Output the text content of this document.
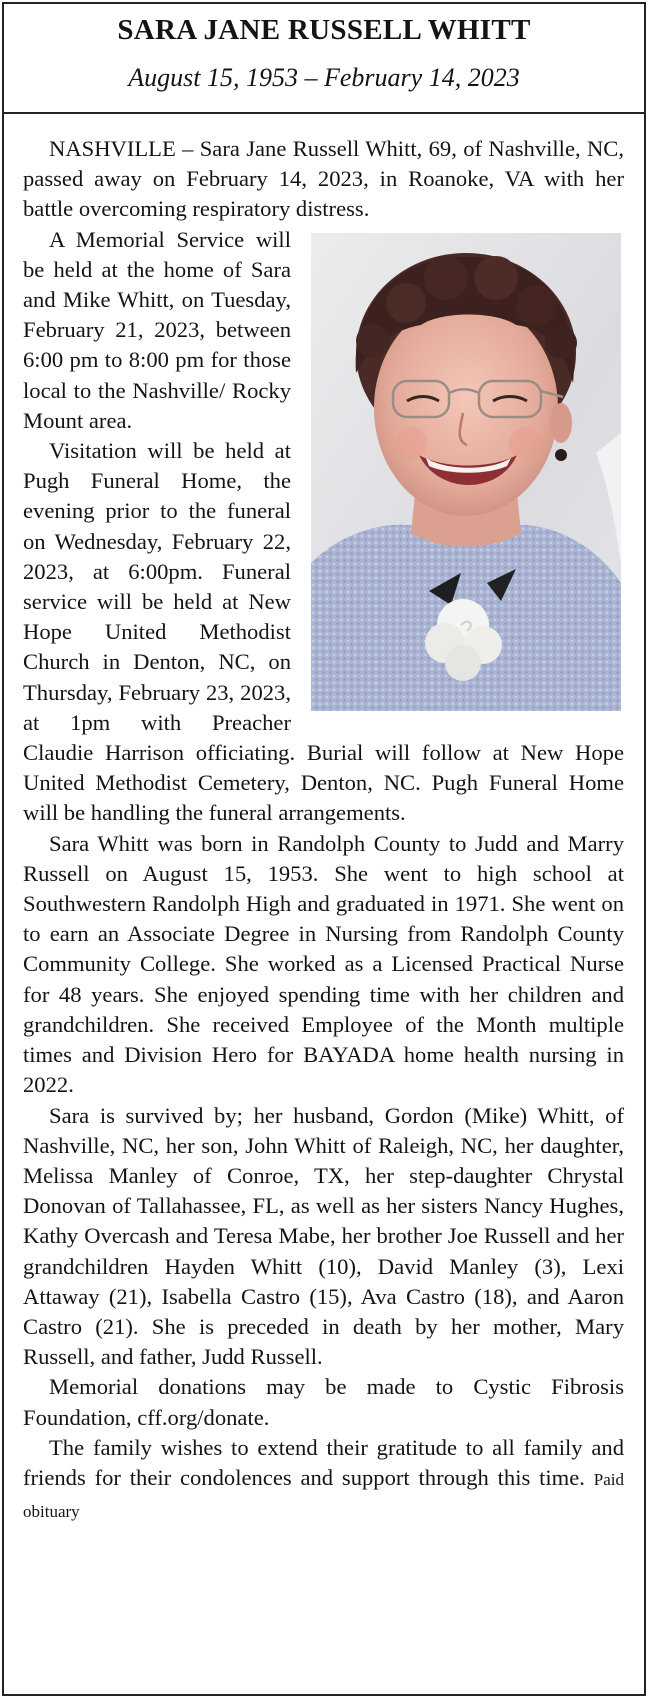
SARA JANE RUSSELL WHITT
August 15, 1953 – February 14, 2023

NASHVILLE – Sara Jane Russell Whitt, 69, of Nashville, NC, passed away on February 14, 2023, in Roanoke, VA with her battle overcoming respiratory distress.

A Memorial Service will be held at the home of Sara and Mike Whitt, on Tuesday, February 21, 2023, between 6:00 pm to 8:00 pm for those local to the Nashville/ Rocky Mount area.

Visitation will be held at Pugh Funeral Home, the evening prior to the funeral on Wednesday, February 22, 2023, at 6:00pm. Funeral service will be held at New Hope United Methodist Church in Denton, NC, on Thursday, February 23, 2023, at 1pm with Preacher Claudie Harrison officiating. Burial will follow at New Hope United Methodist Cemetery, Denton, NC. Pugh Funeral Home will be handling the funeral arrangements.

Sara Whitt was born in Randolph County to Judd and Marry Russell on August 15, 1953. She went to high school at Southwestern Randolph High and graduated in 1971. She went on to earn an Associate Degree in Nursing from Randolph County Community College. She worked as a Licensed Practical Nurse for 48 years. She enjoyed spending time with her children and grandchildren. She received Employee of the Month multiple times and Division Hero for BAYADA home health nursing in 2022.

Sara is survived by; her husband, Gordon (Mike) Whitt, of Nashville, NC, her son, John Whitt of Raleigh, NC, her daughter, Melissa Manley of Conroe, TX, her step-daughter Chrystal Donovan of Tallahassee, FL, as well as her sisters Nancy Hughes, Kathy Overcash and Teresa Mabe, her brother Joe Russell and her grandchildren Hayden Whitt (10), David Manley (3), Lexi Attaway (21), Isabella Castro (15), Ava Castro (18), and Aaron Castro (21). She is preceded in death by her mother, Mary Russell, and father, Judd Russell.

Memorial donations may be made to Cystic Fibrosis Foundation, cff.org/donate.

The family wishes to extend their gratitude to all family and friends for their condolences and support through this time. Paid obituary
